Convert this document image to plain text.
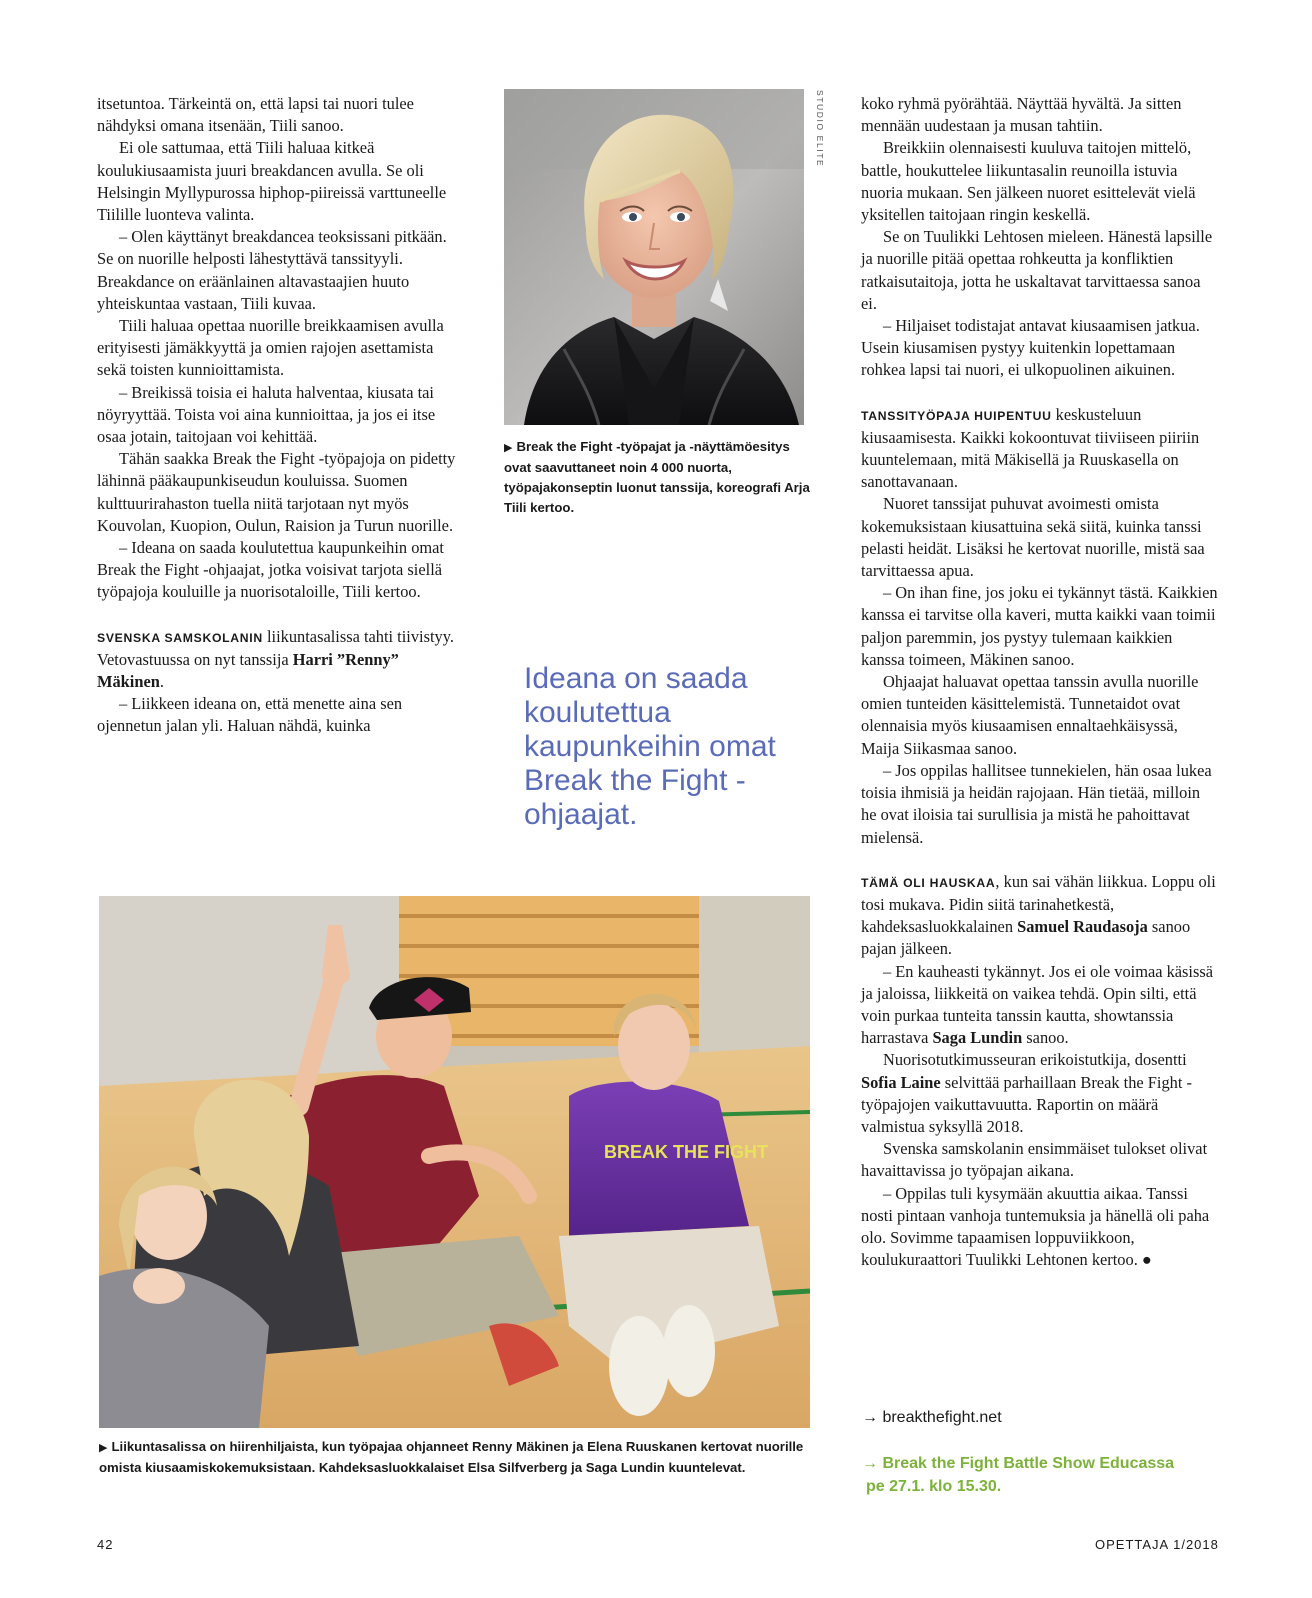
itsetuntoa. Tärkeintä on, että lapsi tai nuori tulee nähdyksi omana itsenään, Tiili sanoo.

Ei ole sattumaa, että Tiili haluaa kitkeä koulukiusaamista juuri breakdancen avulla. Se oli Helsingin Myllypurossa hiphop-piireissä varttuneelle Tiilille luonteva valinta.

– Olen käyttänyt breakdancea teoksissani pitkään. Se on nuorille helposti lähestyttävä tanssityyli. Breakdance on eräänlainen altavastaajien huuto yhteiskuntaa vastaan, Tiili kuvaa.

Tiili haluaa opettaa nuorille breikkaamisen avulla erityisesti jämäkkyyttä ja omien rajojen asettamista sekä toisten kunnioittamista.

– Breikissä toisia ei haluta halventaa, kiusata tai nöyryyttää. Toista voi aina kunnioittaa, ja jos ei itse osaa jotain, taitojaan voi kehittää.

Tähän saakka Break the Fight -työpajoja on pidetty lähinnä pääkaupunkiseudun kouluissa. Suomen kulttuurirahaston tuella niitä tarjotaan nyt myös Kouvolan, Kuopion, Oulun, Raision ja Turun nuorille.

– Ideana on saada koulutettua kaupunkeihin omat Break the Fight -ohjaajat, jotka voisivat tarjota siellä työpajoja kouluille ja nuorisotaloille, Tiili kertoo.

SVENSKA SAMSKOLANIN liikuntasalissa tahti tiivistyy. Vetovastuussa on nyt tanssija Harri ”Renny” Mäkinen.

– Liikkeen ideana on, että menette aina sen ojennetun jalan yli. Haluan nähdä, kuinka

STUDIO ELITE
▶ Break the Fight -työpajat ja -näyttämöesitys ovat saavuttaneet noin 4 000 nuorta, työpajakonseptin luonut tanssija, koreografi Arja Tiili kertoo.
Ideana on saada koulutettua kaupunkeihin omat Break the Fight -ohjaajat.
BREAK THE FIGHT
▶ Liikuntasalissa on hiirenhiljaista, kun työpajaa ohjanneet Renny Mäkinen ja Elena Ruuskanen kertovat nuorille omista kiusaamiskokemuksistaan. Kahdeksasluokkalaiset Elsa Silfverberg ja Saga Lundin kuuntelevat.

koko ryhmä pyörähtää. Näyttää hyvältä. Ja sitten mennään uudestaan ja musan tahtiin.

Breikkiin olennaisesti kuuluva taitojen mittelö, battle, houkuttelee liikuntasalin reunoilla istuvia nuoria mukaan. Sen jälkeen nuoret esittelevät vielä yksitellen taitojaan ringin keskellä.

Se on Tuulikki Lehtosen mieleen. Hänestä lapsille ja nuorille pitää opettaa rohkeutta ja konfliktien ratkaisutaitoja, jotta he uskaltavat tarvittaessa sanoa ei.

– Hiljaiset todistajat antavat kiusaamisen jatkua. Usein kiusamisen pystyy kuitenkin lopettamaan rohkea lapsi tai nuori, ei ulkopuolinen aikuinen.

TANSSITYÖPAJA HUIPENTUU keskusteluun kiusaamisesta. Kaikki kokoontuvat tiiviiseen piiriin kuuntelemaan, mitä Mäkisellä ja Ruuskasella on sanottavanaan.

Nuoret tanssijat puhuvat avoimesti omista kokemuksistaan kiusattuina sekä siitä, kuinka tanssi pelasti heidät. Lisäksi he kertovat nuorille, mistä saa tarvittaessa apua.

– On ihan fine, jos joku ei tykännyt tästä. Kaikkien kanssa ei tarvitse olla kaveri, mutta kaikki vaan toimii paljon paremmin, jos pystyy tulemaan kaikkien kanssa toimeen, Mäkinen sanoo.

Ohjaajat haluavat opettaa tanssin avulla nuorille omien tunteiden käsittelemistä. Tunnetaidot ovat olennaisia myös kiusaamisen ennaltaehkäisyssä, Maija Siikasmaa sanoo.

– Jos oppilas hallitsee tunnekielen, hän osaa lukea toisia ihmisiä ja heidän rajojaan. Hän tietää, milloin he ovat iloisia tai surullisia ja mistä he pahoittavat mielensä.

TÄMÄ OLI HAUSKAA, kun sai vähän liikkua. Loppu oli tosi mukava. Pidin siitä tarinahetkestä, kahdeksasluokkalainen Samuel Raudasoja sanoo pajan jälkeen.

– En kauheasti tykännyt. Jos ei ole voimaa käsissä ja jaloissa, liikkeitä on vaikea tehdä. Opin silti, että voin purkaa tunteita tanssin kautta, showtanssia harrastava Saga Lundin sanoo.

Nuorisotutkimusseuran erikoistutkija, dosentti Sofia Laine selvittää parhaillaan Break the Fight -työpajojen vaikuttavuutta. Raportin on määrä valmistua syksyllä 2018.

Svenska samskolanin ensimmäiset tulokset olivat havaittavissa jo työpajan aikana.

– Oppilas tuli kysymään akuuttia aikaa. Tanssi nosti pintaan vanhoja tuntemuksia ja hänellä oli paha olo. Sovimme tapaamisen loppuviikkoon, koulukuraattori Tuulikki Lehtonen kertoo. ●

→ breakthefight.net
→ Break the Fight Battle Show Educassa
pe 27.1. klo 15.30.
42	OPETTAJA 1/2018
